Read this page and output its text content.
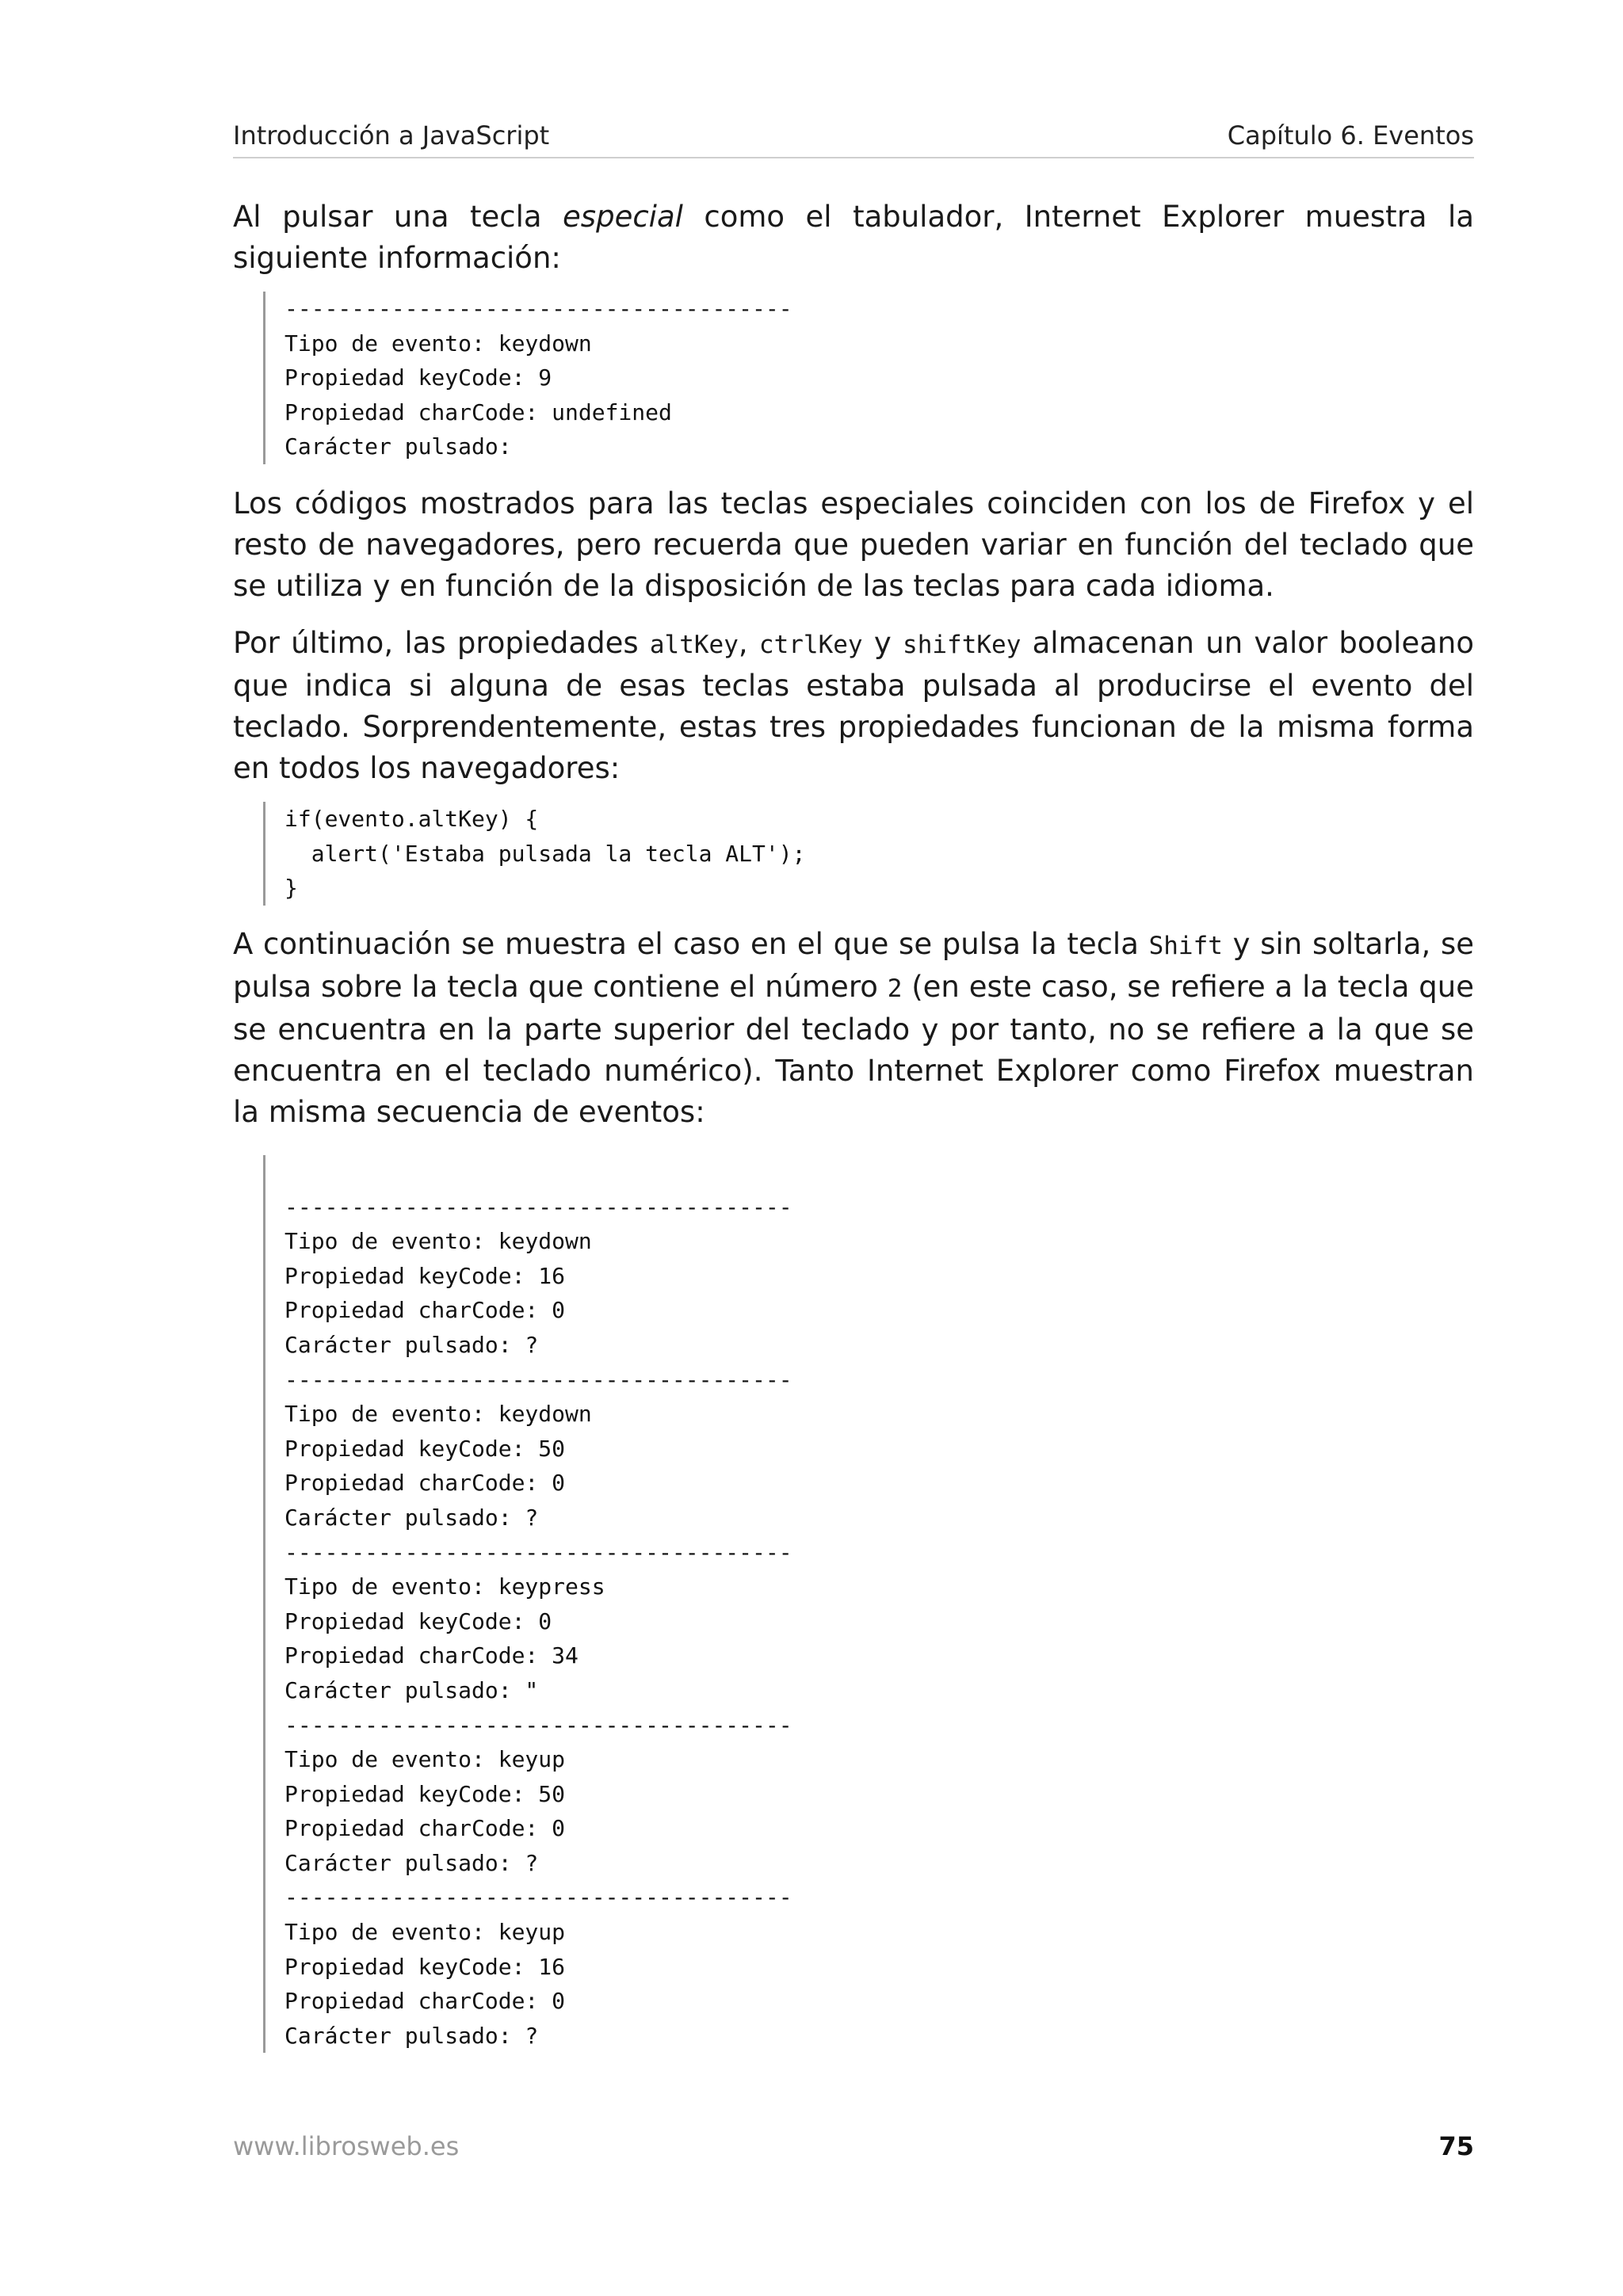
Introducción a JavaScript	Capítulo 6. Eventos

Al pulsar una tecla especial como el tabulador, Internet Explorer muestra la siguiente información:

--------------------------------------
Tipo de evento: keydown
Propiedad keyCode: 9
Propiedad charCode: undefined
Carácter pulsado:

Los códigos mostrados para las teclas especiales coinciden con los de Firefox y el resto de navegadores, pero recuerda que pueden variar en función del teclado que se utiliza y en función de la disposición de las teclas para cada idioma.

Por último, las propiedades altKey, ctrlKey y shiftKey almacenan un valor booleano que indica si alguna de esas teclas estaba pulsada al producirse el evento del teclado. Sorprendentemente, estas tres propiedades funcionan de la misma forma en todos los navegadores:

if(evento.altKey) {
alert('Estaba pulsada la tecla ALT');
}

A continuación se muestra el caso en el que se pulsa la tecla Shift y sin soltarla, se pulsa sobre la tecla que contiene el número 2 (en este caso, se refiere a la tecla que se encuentra en la parte superior del teclado y por tanto, no se refiere a la que se encuentra en el teclado numérico). Tanto Internet Explorer como Firefox muestran la misma secuencia de eventos:

--------------------------------------
Tipo de evento: keydown
Propiedad keyCode: 16
Propiedad charCode: 0
Carácter pulsado: ?
--------------------------------------
Tipo de evento: keydown
Propiedad keyCode: 50
Propiedad charCode: 0
Carácter pulsado: ?
--------------------------------------
Tipo de evento: keypress
Propiedad keyCode: 0
Propiedad charCode: 34
Carácter pulsado: "
--------------------------------------
Tipo de evento: keyup
Propiedad keyCode: 50
Propiedad charCode: 0
Carácter pulsado: ?
--------------------------------------
Tipo de evento: keyup
Propiedad keyCode: 16
Propiedad charCode: 0
Carácter pulsado: ?
www.librosweb.es	75
